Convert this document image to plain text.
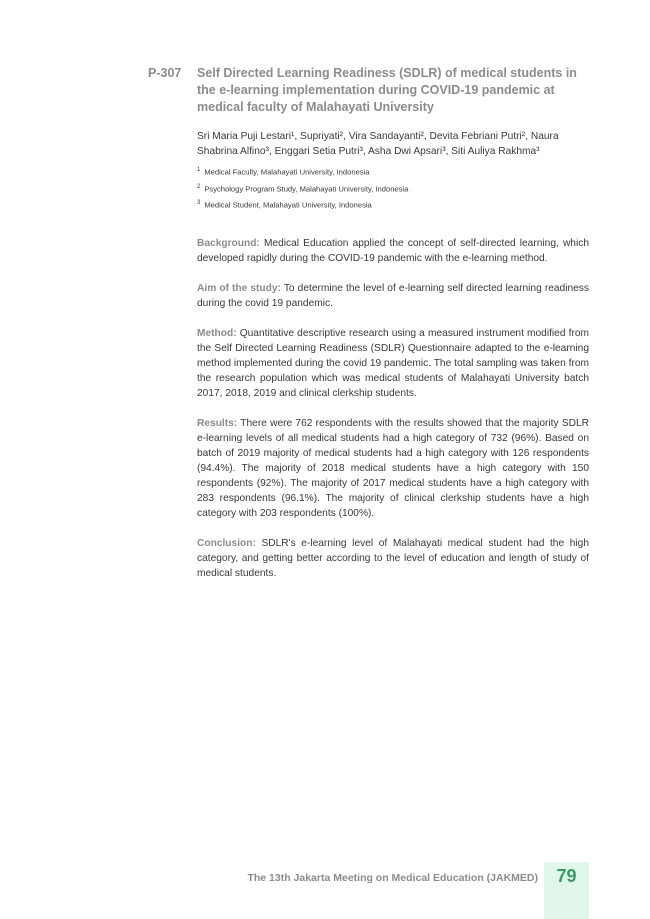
P-307 Self Directed Learning Readiness (SDLR) of medical students in the e-learning implementation during COVID-19 pandemic at medical faculty of Malahayati University
Sri Maria Puji Lestari¹, Supriyati², Vira Sandayanti², Devita Febriani Putri², Naura Shabrina Alfino³, Enggari Setia Putri³, Asha Dwi Apsari³, Siti Auliya Rakhma³
$^1$ Medical Faculty, Malahayati University, Indonesia
$^2$ Psychology Program Study, Malahayati University, Indonesia
$^3$ Medical Student, Malahayati University, Indonesia

Background: Medical Education applied the concept of self-directed learning, which developed rapidly during the COVID-19 pandemic with the e-learning method.

Aim of the study: To determine the level of e-learning self directed learning readiness during the covid 19 pandemic.

Method: Quantitative descriptive research using a measured instrument modified from the Self Directed Learning Readiness (SDLR) Questionnaire adapted to the e-learning method implemented during the covid 19 pandemic. The total sampling was taken from the research population which was medical students of Malahayati University batch 2017, 2018, 2019 and clinical clerkship students.

Results: There were 762 respondents with the results showed that the majority SDLR e-learning levels of all medical students had a high category of 732 (96%). Based on batch of 2019 majority of medical students had a high category with 126 respondents (94.4%). The majority of 2018 medical students have a high category with 150 respondents (92%). The majority of 2017 medical students have a high category with 283 respondents (96.1%). The majority of clinical clerkship students have a high category with 203 respondents (100%).

Conclusion: SDLR's e-learning level of Malahayati medical student had the high category, and getting better according to the level of education and length of study of medical students.

The 13th Jakarta Meeting on Medical Education (JAKMED)	79
